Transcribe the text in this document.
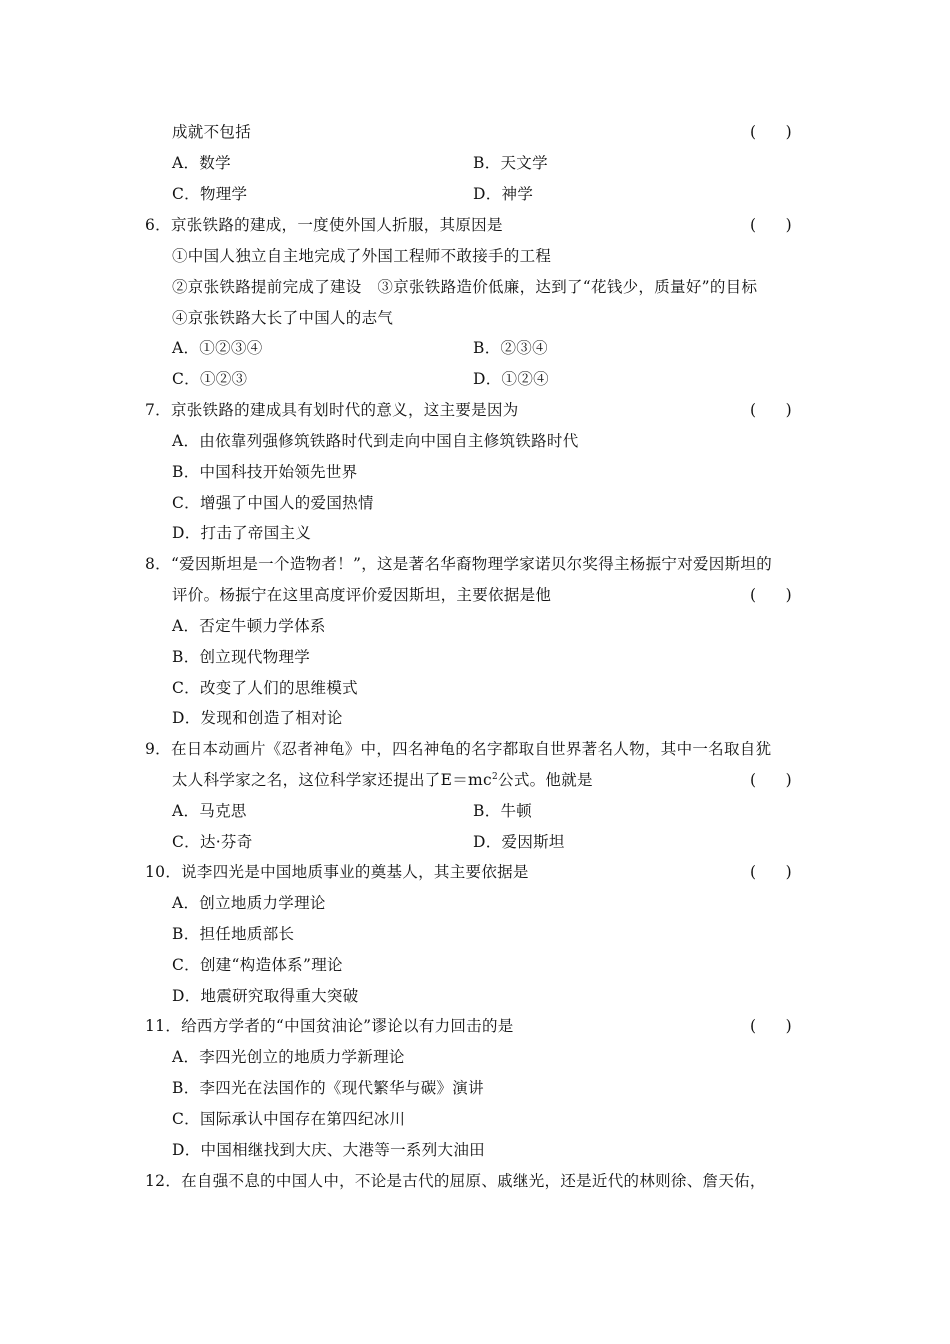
成就不包括	(      )
A．数学	B．天文学
C．物理学	D．神学
6．京张铁路的建成，一度使外国人折服，其原因是	(      )
①中国人独立自主地完成了外国工程师不敢接手的工程
②京张铁路提前完成了建设　③京张铁路造价低廉，达到了“花钱少，质量好”的目标
④京张铁路大长了中国人的志气
A．①②③④	B．②③④
C．①②③	D．①②④
7．京张铁路的建成具有划时代的意义，这主要是因为	(      )
A．由依靠列强修筑铁路时代到走向中国自主修筑铁路时代
B．中国科技开始领先世界
C．增强了中国人的爱国热情
D．打击了帝国主义
8．“爱因斯坦是一个造物者！”，这是著名华裔物理学家诺贝尔奖得主杨振宁对爱因斯坦的
评价。杨振宁在这里高度评价爱因斯坦，主要依据是他	(      )
A．否定牛顿力学体系
B．创立现代物理学
C．改变了人们的思维模式
D．发现和创造了相对论
9．在日本动画片《忍者神龟》中，四名神龟的名字都取自世界著名人物，其中一名取自犹
太人科学家之名，这位科学家还提出了$E=mc^2$公式。他就是	(      )
A．马克思	B．牛顿
C．达·芬奇	D．爱因斯坦
10．说李四光是中国地质事业的奠基人，其主要依据是	(      )
A．创立地质力学理论
B．担任地质部长
C．创建“构造体系”理论
D．地震研究取得重大突破
11．给西方学者的“中国贫油论”谬论以有力回击的是	(      )
A．李四光创立的地质力学新理论
B．李四光在法国作的《现代繁华与碳》演讲
C．国际承认中国存在第四纪冰川
D．中国相继找到大庆、大港等一系列大油田
12．在自强不息的中国人中，不论是古代的屈原、戚继光，还是近代的林则徐、詹天佑，
